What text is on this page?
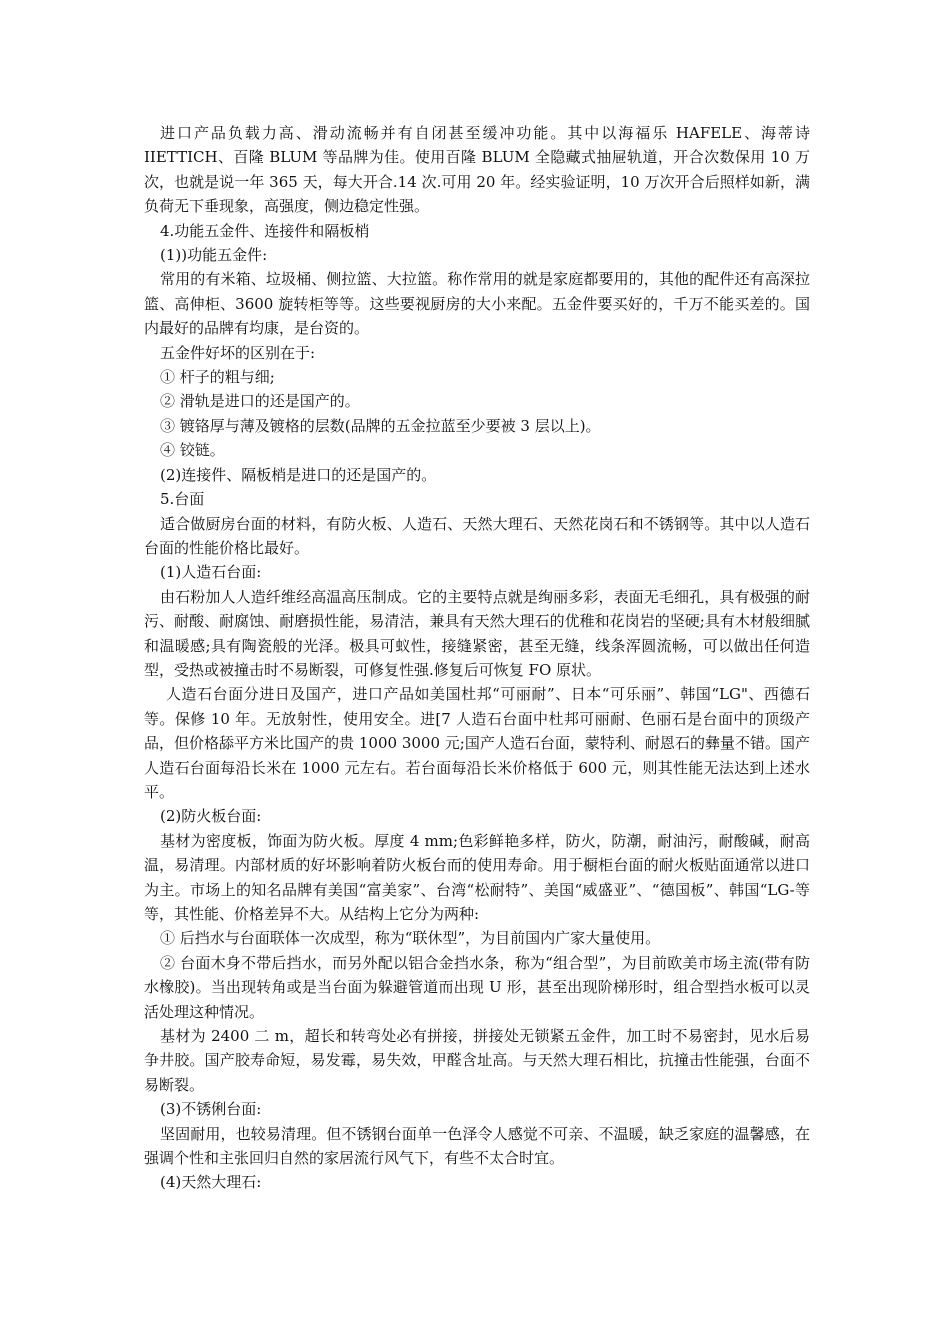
进口产品负载力高、滑动流畅并有自闭甚至缓冲功能。其中以海福乐 HAFELE、海蒂诗 IIETTICH、百隆 BLUM 等品牌为佳。使用百隆 BLUM 全隐藏式抽屉轨道，开合次数保用 10 万次，也就是说一年 365 天，每大开合.14 次.可用 20 年。经实验证明，10 万次开合后照样如新，满负荷无下垂现象，高强度，侧边稳定性强。

4.功能五金件、连接件和隔板梢

(1))功能五金件:

常用的有米箱、垃圾桶、侧拉篮、大拉篮。称作常用的就是家庭都要用的，其他的配件还有高深拉篮、高伸柜、3600 旋转柜等等。这些要视厨房的大小来配。五金件要买好的，千万不能买差的。国内最好的品牌有均康，是台资的。

五金件好坏的区别在于:

① 杆子的粗与细;

② 滑轨是进口的还是国产的。

③ 镀铬厚与薄及镀格的层数(品牌的五金拉蓝至少要被 3 层以上)。

④ 铰链。

(2)连接件、隔板梢是进口的还是国产的。

5.台面

适合做厨房台面的材料，有防火板、人造石、天然大理石、天然花岗石和不锈钢等。其中以人造石台面的性能价格比最好。

(1)人造石台面:

由石粉加人人造纤维经高温高压制成。它的主要特点就是绚丽多彩，表面无毛细孔，具有极强的耐污、耐酸、耐腐蚀、耐磨损性能，易清洁，兼具有天然大理石的优稚和花岗岩的坚硬;具有木材般细腻和温暖感;具有陶瓷般的光泽。极具可蚁性，接缝紧密，甚至无缝，线条浑圆流畅，可以做出任何造型，受热或被撞击时不易断裂，可修复性强.修复后可恢复 FO 原状。

人造石台面分进日及国产，进口产品如美国杜邦“可丽耐”、日本“可乐丽”、韩国“LG"、西德石等。保修 10 年。无放射性，使用安全。进[7 人造石台面中杜邦可丽耐、色丽石是台面中的顶级产品，但价格舔平方米比国产的贵 1000 3000 元;国产人造石台面，蒙特利、耐恩石的彝量不错。国产人造石台面每沿长米在 1000 元左右。若台面每沿长米价格低于 600 元，则其性能无法达到上述水平。

(2)防火板台面:

基材为密度板，饰面为防火板。厚度 4 mm;色彩鲜艳多样，防火，防潮，耐油污，耐酸碱，耐高温，易清理。内部材质的好坏影响着防火板台而的使用寿命。用于橱柜台面的耐火板贴面通常以进口为主。市场上的知名品牌有美国“富美家”、台湾“松耐特”、美国“威盛亚”、“德国板”、韩国“LG-等等，其性能、价格差异不大。从结构上它分为两种:

① 后挡水与台面联体一次成型，称为“联休型”，为目前国内广家大量使用。

② 台面木身不带后挡水，而另外配以铝合金挡水条，称为“组合型”，为目前欧美市场主流(带有防水橡胶)。当出现转角或是当台面为躲避管道而出现 U 形，甚至出现阶梯形时，组合型挡水板可以灵活处理这种情况。

基材为 2400 二 m，超长和转弯处必有拼接，拼接处无锁紧五金件，加工时不易密封，见水后易争井胶。国产胶寿命短，易发霉，易失效，甲醛含址高。与天然大理石相比，抗撞击性能强，台面不易断裂。

(3)不锈俐台面:

坚固耐用，也较易清理。但不锈钢台面单一色泽令人感觉不可亲、不温暖，缺乏家庭的温馨感，在强调个性和主张回归自然的家居流行风气下，有些不太合时宜。

(4)天然大理石:
